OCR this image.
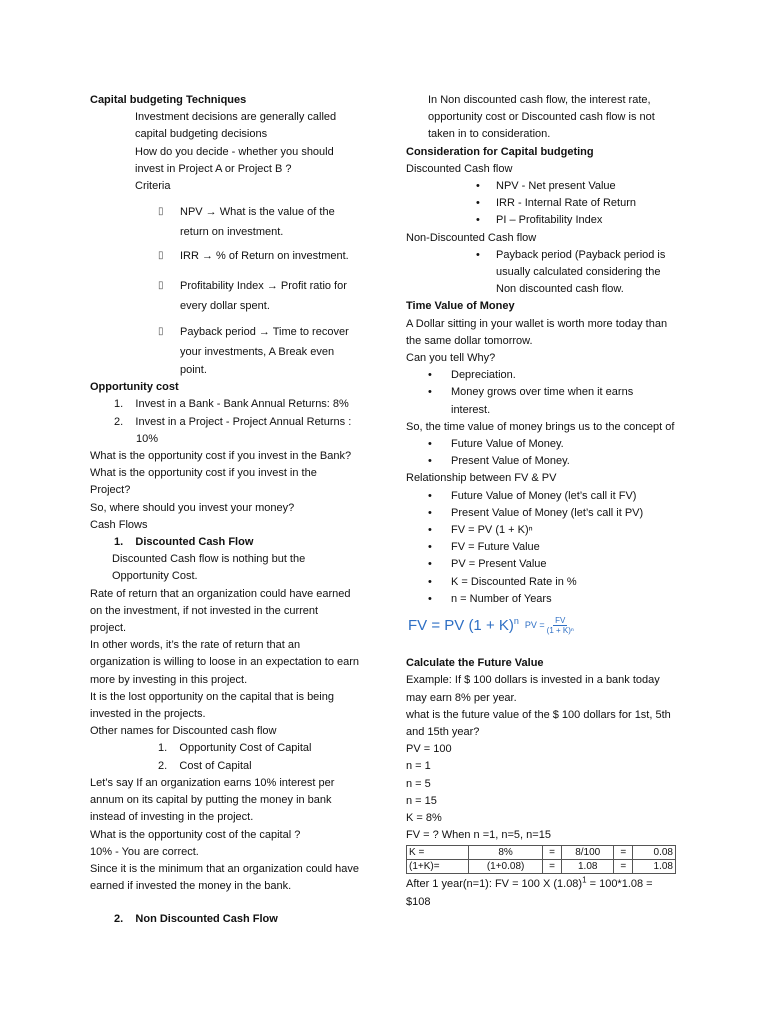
Capital budgeting Techniques
Investment decisions are generally called
capital budgeting decisions
How do you decide - whether you should
invest in Project A or Project B ?
Criteria
▯ NPV → What is the value of the
return on investment.
▯ IRR → % of Return on investment.
▯ Profitability Index → Profit ratio for
every dollar spent.
▯ Payback period → Time to recover
your investments, A Break even
point.
Opportunity cost
1. Invest in a Bank - Bank Annual Returns: 8%
2. Invest in a Project - Project Annual Returns :
10%
What is the opportunity cost if you invest in the Bank?
What is the opportunity cost if you invest in the
Project?
So, where should you invest your money?
Cash Flows
1. Discounted Cash Flow
Discounted Cash flow is nothing but the
Opportunity Cost.
Rate of return that an organization could have earned
on the investment, if not invested in the current
project.
In other words, it’s the rate of return that an
organization is willing to loose in an expectation to earn
more by investing in this project.
It is the lost opportunity on the capital that is being
invested in the projects.
Other names for Discounted cash flow
1. Opportunity Cost of Capital
2. Cost of Capital
Let’s say If an organization earns 10% interest per
annum on its capital by putting the money in bank
instead of investing in the project.
What is the opportunity cost of the capital ?
10% - You are correct.
Since it is the minimum that an organization could have
earned if invested the money in the bank.
2. Non Discounted Cash Flow
In Non discounted cash flow, the interest rate,
opportunity cost or Discounted cash flow is not
taken in to consideration.
Consideration for Capital budgeting
Discounted Cash flow
• NPV - Net present Value
• IRR - Internal Rate of Return
• PI – Profitability Index
Non-Discounted Cash flow
• Payback period (Payback period is
usually calculated considering the
Non discounted cash flow.
Time Value of Money
A Dollar sitting in your wallet is worth more today than
the same dollar tomorrow.
Can you tell Why?
• Depreciation.
• Money grows over time when it earns
interest.
So, the time value of money brings us to the concept of
• Future Value of Money.
• Present Value of Money.
Relationship between FV & PV
• Future Value of Money (let’s call it FV)
• Present Value of Money (let’s call it PV)
• FV = PV (1 + K)ⁿ
• FV = Future Value
• PV = Present Value
• K = Discounted Rate in %
• n = Number of Years
FV = PV $(1 + K)^n$ PV = $\frac{FV}{\text{(1 + K)ⁿ}}$
Calculate the Future Value
Example: If $ 100 dollars is invested in a bank today
may earn 8% per year.
what is the future value of the $ 100 dollars for 1st, 5th
and 15th year?
PV = 100
n = 1
n = 5
n = 15
K = 8%
FV = ? When n =1, n=5, n=15
K =	8%	=	8/100	=	0.08
(1+K)=	(1+0.08)	=	1.08	=	1.08
After 1 year(n=1): FV = 100 X $(1.08)^1 = 100*1.08$ =
$108
